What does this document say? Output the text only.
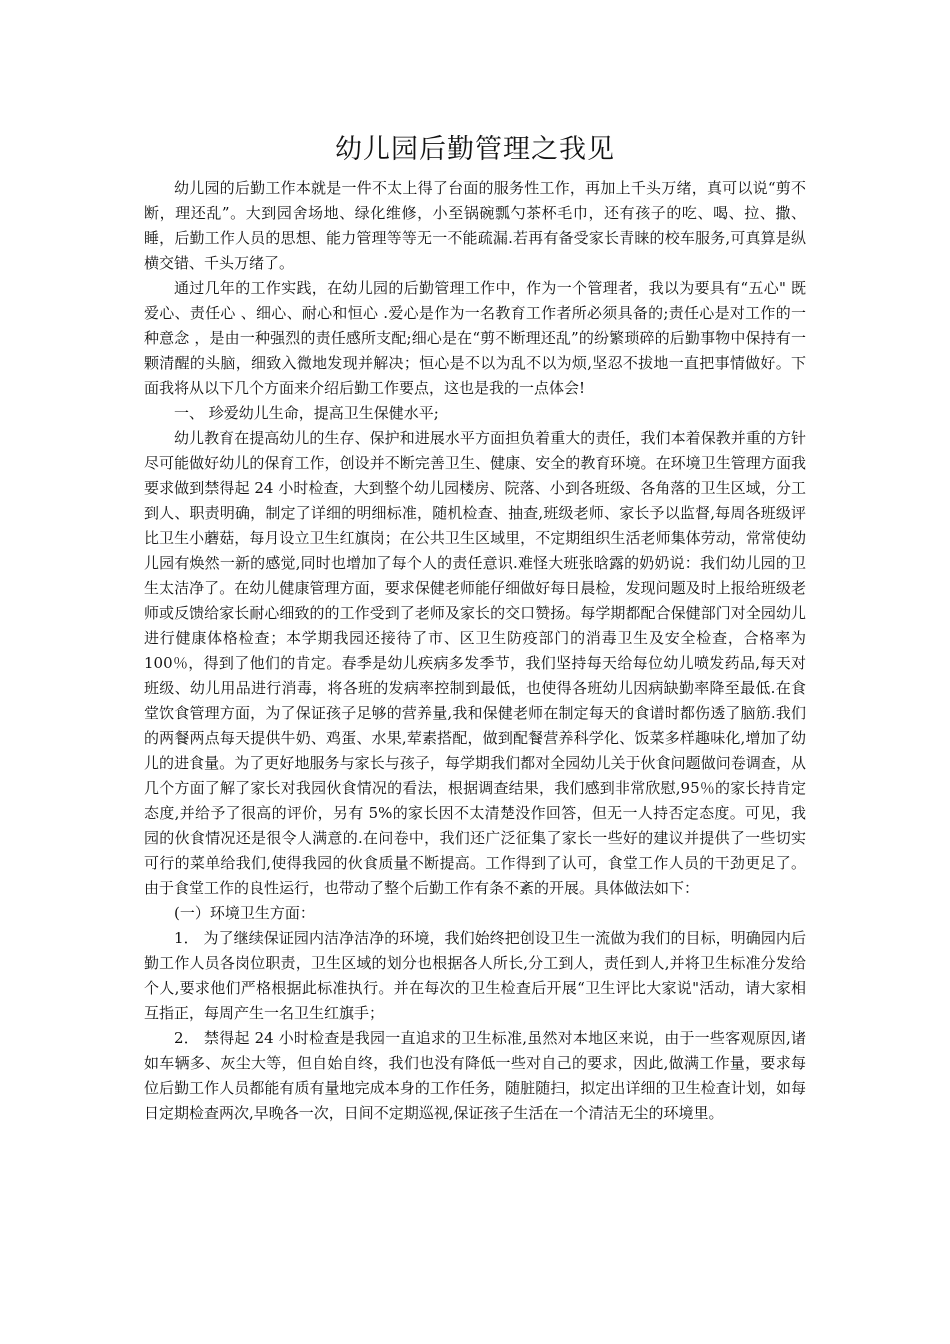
幼儿园后勤管理之我见

幼儿园的后勤工作本就是一件不太上得了台面的服务性工作，再加上千头万绪，真可以说“剪不断，理还乱”。大到园舍场地、绿化维修，小至锅碗瓢勺茶杯毛巾，还有孩子的吃、喝、拉、撒、睡，后勤工作人员的思想、能力管理等等无一不能疏漏.若再有备受家长青睐的校车服务,可真算是纵横交错、千头万绪了。

通过几年的工作实践，在幼儿园的后勤管理工作中，作为一个管理者，我以为要具有“五心" 既爱心、责任心 、细心、耐心和恒心 .爱心是作为一名教育工作者所必须具备的;责任心是对工作的一种意念 ，是由一种强烈的责任感所支配;细心是在“剪不断理还乱”的纷繁琐碎的后勤事物中保持有一颗清醒的头脑，细致入微地发现并解决；恒心是不以为乱不以为烦,坚忍不拔地一直把事情做好。下面我将从以下几个方面来介绍后勤工作要点，这也是我的一点体会!

一、 珍爱幼儿生命，提高卫生保健水平;

幼儿教育在提高幼儿的生存、保护和进展水平方面担负着重大的责任，我们本着保教并重的方针尽可能做好幼儿的保育工作，创设并不断完善卫生、健康、安全的教育环境。在环境卫生管理方面我要求做到禁得起 24 小时检查，大到整个幼儿园楼房、院落、小到各班级、各角落的卫生区域，分工到人、职责明确，制定了详细的明细标准，随机检查、抽查,班级老师、家长予以监督,每周各班级评比卫生小蘑菇，每月设立卫生红旗岗；在公共卫生区域里，不定期组织生活老师集体劳动，常常使幼儿园有焕然一新的感觉,同时也增加了每个人的责任意识.难怪大班张晗露的奶奶说：我们幼儿园的卫生太洁净了。在幼儿健康管理方面，要求保健老师能仔细做好每日晨检，发现问题及时上报给班级老师或反馈给家长耐心细致的的工作受到了老师及家长的交口赞扬。每学期都配合保健部门对全园幼儿进行健康体格检查；本学期我园还接待了市、区卫生防疫部门的消毒卫生及安全检查，合格率为 100％，得到了他们的肯定。春季是幼儿疾病多发季节，我们坚持每天给每位幼儿喷发药品,每天对班级、幼儿用品进行消毒，将各班的发病率控制到最低，也使得各班幼儿因病缺勤率降至最低.在食堂饮食管理方面，为了保证孩子足够的营养量,我和保健老师在制定每天的食谱时都伤透了脑筋.我们的两餐两点每天提供牛奶、鸡蛋、水果,荤素搭配，做到配餐营养科学化、饭菜多样趣味化,增加了幼儿的进食量。为了更好地服务与家长与孩子，每学期我们都对全园幼儿关于伙食问题做问卷调查，从几个方面了解了家长对我园伙食情况的看法，根据调查结果，我们感到非常欣慰,95％的家长持肯定态度,并给予了很高的评价，另有 5%的家长因不太清楚没作回答，但无一人持否定态度。可见，我园的伙食情况还是很令人满意的.在问卷中，我们还广泛征集了家长一些好的建议并提供了一些切实可行的菜单给我们,使得我园的伙食质量不断提高。工作得到了认可，食堂工作人员的干劲更足了。由于食堂工作的良性运行，也带动了整个后勤工作有条不紊的开展。具体做法如下：

(一）环境卫生方面：

1． 为了继续保证园内洁净洁净的环境，我们始终把创设卫生一流做为我们的目标，明确园内后勤工作人员各岗位职责，卫生区域的划分也根据各人所长,分工到人，责任到人,并将卫生标准分发给个人,要求他们严格根据此标准执行。并在每次的卫生检查后开展“卫生评比大家说"活动，请大家相互指正，每周产生一名卫生红旗手；

2． 禁得起 24 小时检查是我园一直追求的卫生标准,虽然对本地区来说，由于一些客观原因,诸如车辆多、灰尘大等，但自始自终，我们也没有降低一些对自己的要求，因此,做满工作量，要求每位后勤工作人员都能有质有量地完成本身的工作任务，随脏随扫，拟定出详细的卫生检查计划，如每日定期检查两次,早晚各一次，日间不定期巡视,保证孩子生活在一个清洁无尘的环境里。
